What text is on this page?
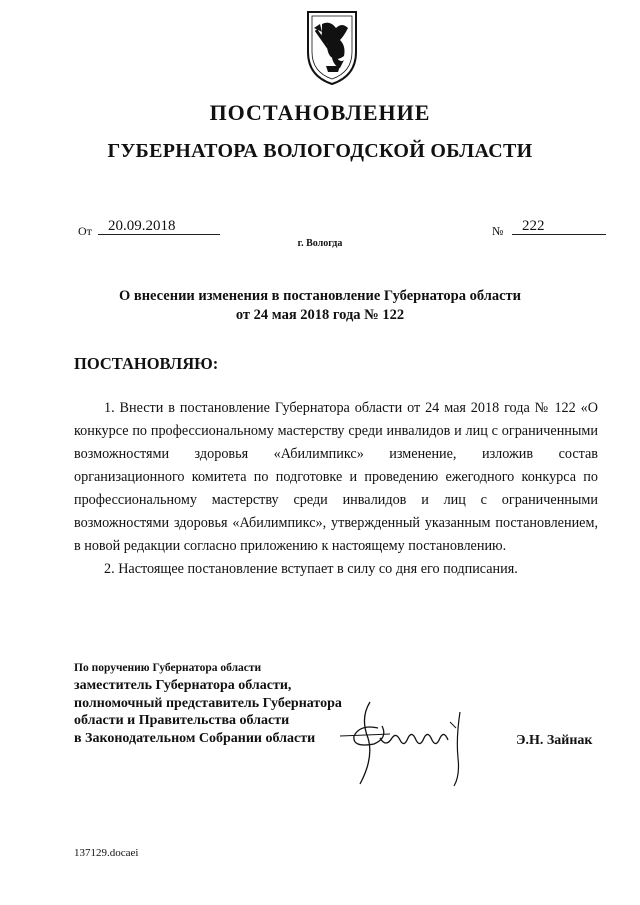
ПОСТАНОВЛЕНИЕ
ГУБЕРНАТОРА ВОЛОГОДСКОЙ ОБЛАСТИ
От	20.09.2018	№	222
г. Вологда
О внесении изменения в постановление Губернатора области
от 24 мая 2018 года № 122
ПОСТАНОВЛЯЮ:

1. Внести в постановление Губернатора области от 24 мая 2018 года № 122 «О конкурсе по профессиональному мастерству среди инвалидов и лиц с ограниченными возможностями здоровья «Абилимпикс» изменение, изложив состав организационного комитета по подготовке и проведению ежегодного конкурса по профессиональному мастерству среди инвалидов и лиц с ограниченными возможностями здоровья «Абилимпикс», утвержденный указанным постановлением, в новой редакции согласно приложению к настоящему постановлению.

2. Настоящее постановление вступает в силу со дня его подписания.

По поручению Губернатора области
заместитель Губернатора области,
полномочный представитель Губернатора
области и Правительства области
в Законодательном Собрании области	Э.Н. Зайнак
137129.docaei
